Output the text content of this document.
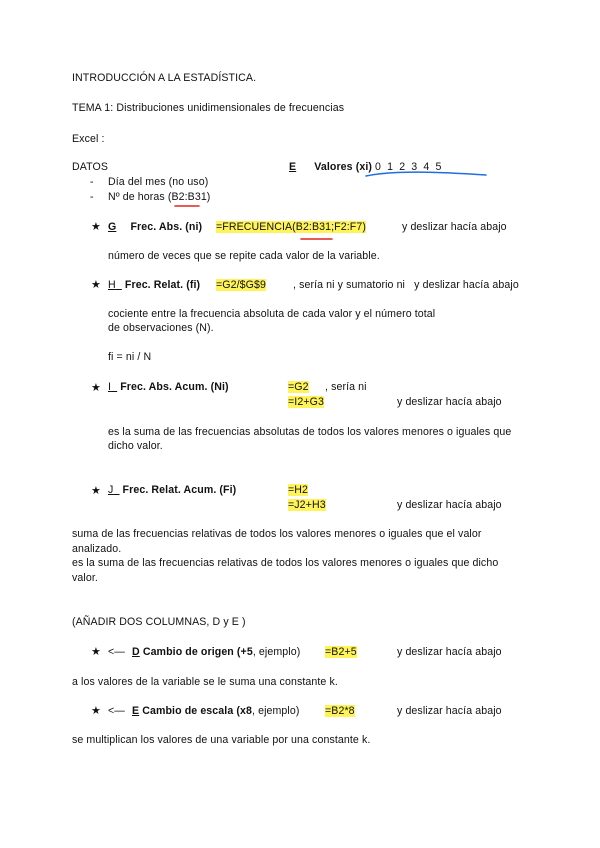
INTRODUCCIÓN A LA ESTADÍSTICA.
TEMA 1: Distribuciones unidimensionales de frecuencias
Excel :
DATOS
- Día del mes (no uso)
- Nº de horas (B2:B31)
E Valores (xi) 0  1  2  3  4  5
★ G Frec. Abs. (ni) =FRECUENCIA(B2:B31;F2:F7)	y deslizar hacía abajo
número de veces que se repite cada valor de la variable.
★ H Frec. Relat. (fi) =G2/$G$9	, sería ni y sumatorio ni   y deslizar hacía abajo
cociente entre la frecuencia absoluta de cada valor y el número total
de observaciones (N).
fi = ni / N
★ I Frec. Abs. Acum. (Ni)	=G2 , sería ni
=I2+G3	y deslizar hacía abajo
es la suma de las frecuencias absolutas de todos los valores menores o iguales que
dicho valor.
★ J Frec. Relat. Acum. (Fi)	=H2
=J2+H3	y deslizar hacía abajo
suma de las frecuencias relativas de todos los valores menores o iguales que el valor
analizado.
es la suma de las frecuencias relativas de todos los valores menores o iguales que dicho
valor.
(AÑADIR DOS COLUMNAS, D y E )
★ <— D Cambio de origen (+5, ejemplo) =B2+5	y deslizar hacía abajo
a los valores de la variable se le suma una constante k.
★ <— E Cambio de escala (x8, ejemplo) =B2*8	y deslizar hacía abajo
se multiplican los valores de una variable por una constante k.
